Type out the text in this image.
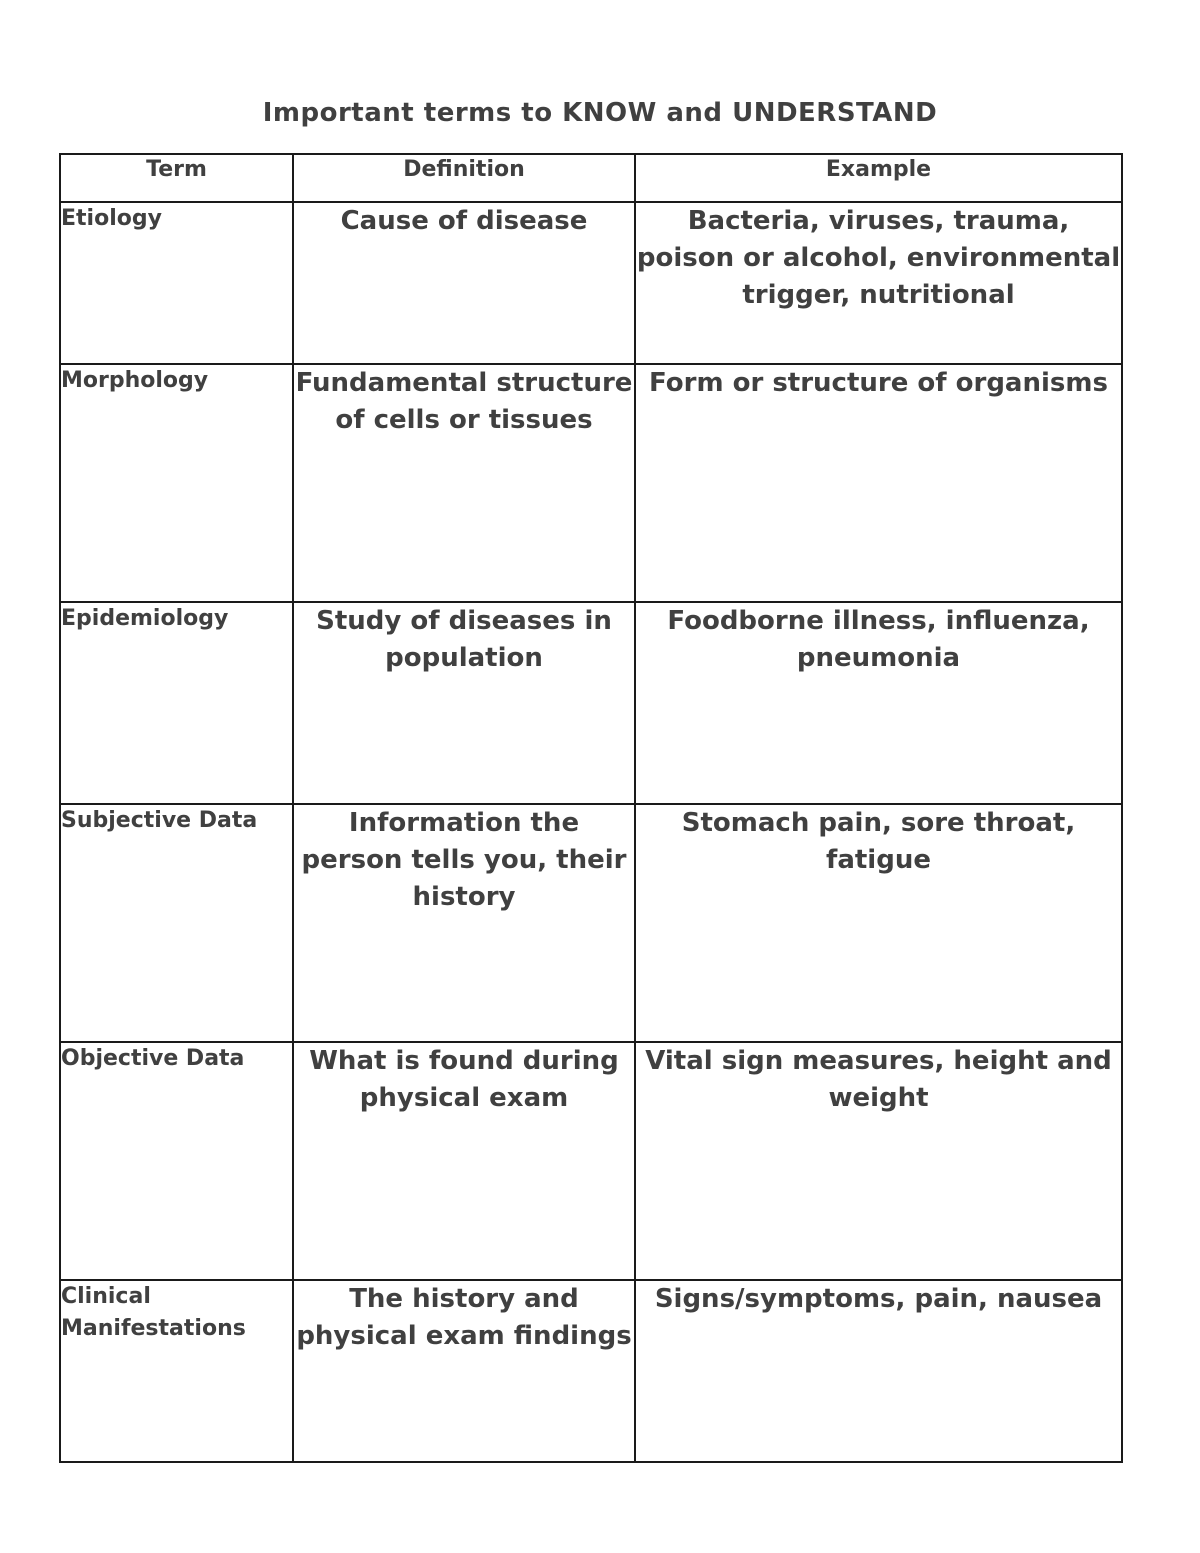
Important terms to KNOW and UNDERSTAND
Term	Definition	Example
Etiology	Cause of disease	Bacteria, viruses, trauma, poison or alcohol, environmental trigger, nutritional
Morphology	Fundamental structure of cells or tissues	Form or structure of organisms
Epidemiology	Study of diseases in population	Foodborne illness, influenza, pneumonia
Subjective Data	Information the person tells you, their history	Stomach pain, sore throat, fatigue
Objective Data	What is found during physical exam	Vital sign measures, height and weight
Clinical Manifestations	The history and physical exam findings	Signs/symptoms, pain, nausea
